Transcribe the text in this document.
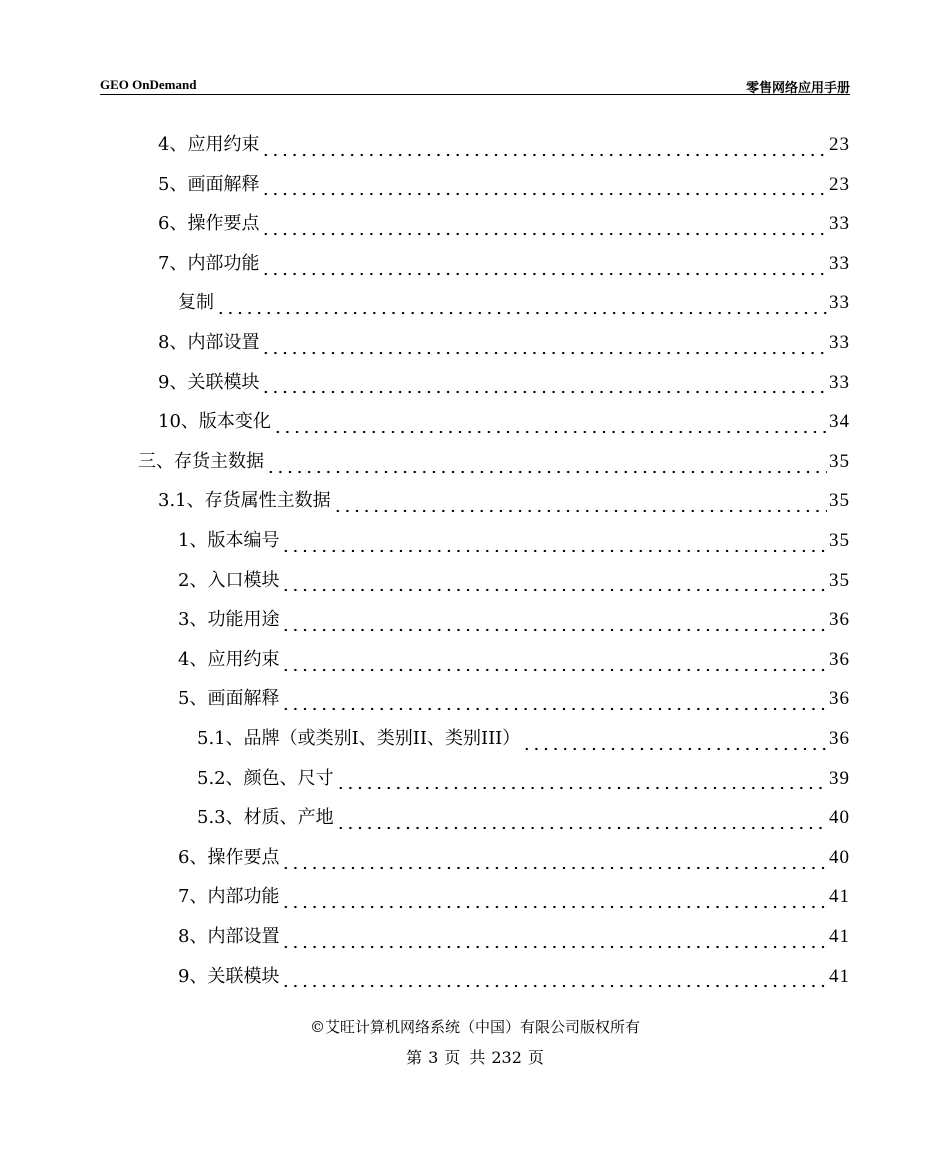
GEO OnDemand	零售网络应用手册
4、应用约束	23
5、画面解释	23
6、操作要点	33
7、内部功能	33
复制	33
8、内部设置	33
9、关联模块	33
10、版本变化	34
三、存货主数据	35
3.1、存货属性主数据	35
1、版本编号	35
2、入口模块	35
3、功能用途	36
4、应用约束	36
5、画面解释	36
5.1、品牌（或类别I、类别II、类别III）	36
5.2、颜色、尺寸	39
5.3、材质、产地	40
6、操作要点	40
7、内部功能	41
8、内部设置	41
9、关联模块	41
©艾旺计算机网络系统（中国）有限公司版权所有
第 3 页 共 232 页
